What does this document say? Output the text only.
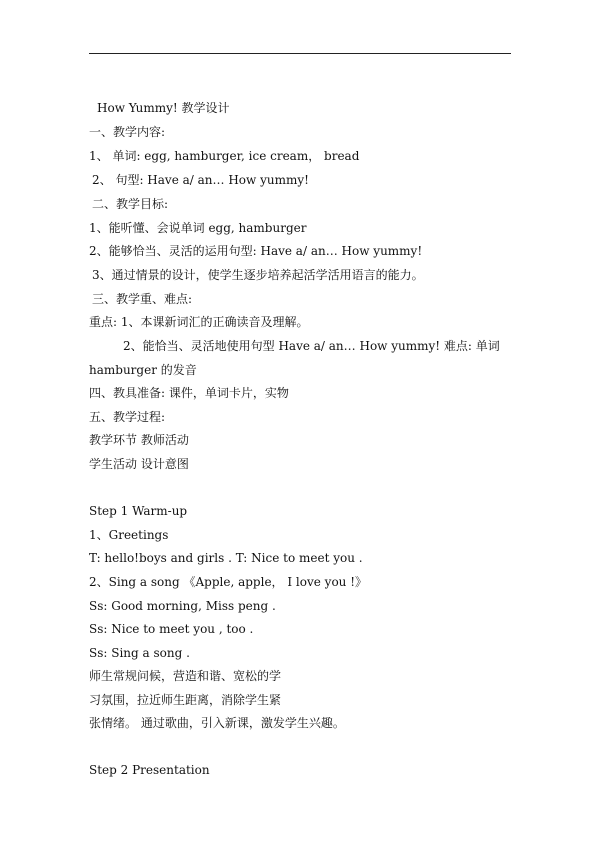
How Yummy! 教学设计
一、教学内容:
1、 单词: egg, hamburger, ice cream， bread
2、 句型: Have a/ an… How yummy!
二、教学目标:
1、能听懂、会说单词 egg, hamburger
2、能够恰当、灵活的运用句型: Have a/ an… How yummy!
3、通过情景的设计，使学生逐步培养起活学活用语言的能力。
三、教学重、难点:
重点: 1、本课新词汇的正确读音及理解。
2、能恰当、灵活地使用句型 Have a/ an… How yummy! 难点: 单词
hamburger 的发音
四、教具准备: 课件，单词卡片，实物
五、教学过程:
教学环节 教师活动
学生活动 设计意图
Step 1 Warm-up
1、Greetings
T: hello!boys and girls . T: Nice to meet you .
2、Sing a song 《Apple, apple， I love you !》
Ss: Good morning, Miss peng .
Ss: Nice to meet you , too .
Ss: Sing a song .
师生常规问候，营造和谐、宽松的学
习氛围，拉近师生距离，消除学生紧
张情绪。 通过歌曲，引入新课，激发学生兴趣。
Step 2 Presentation
